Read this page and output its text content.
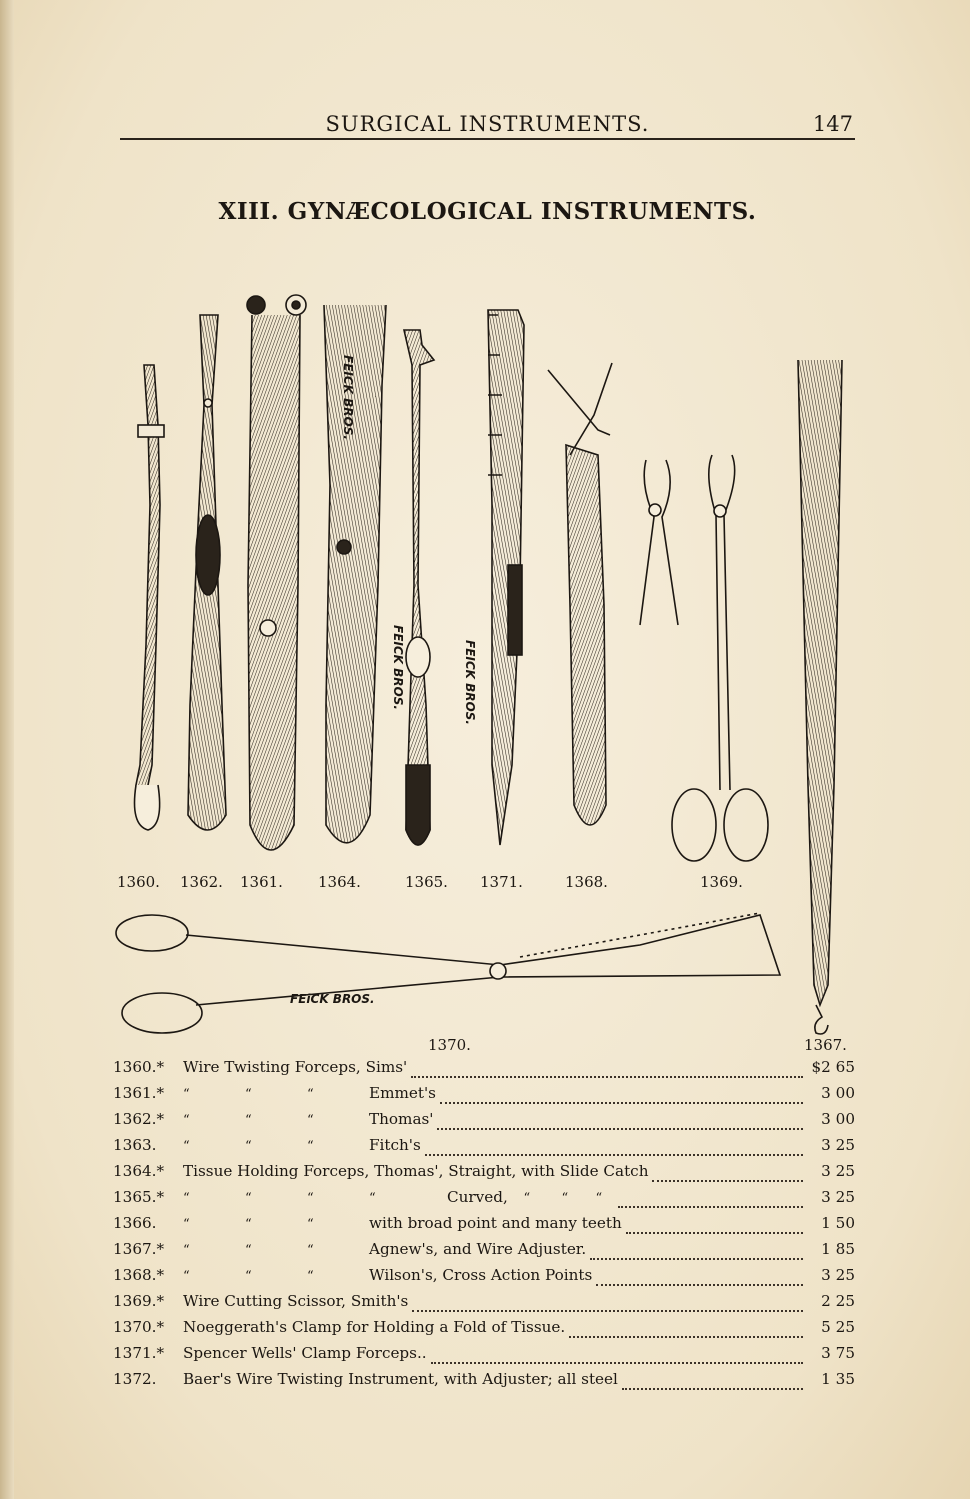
SURGICAL INSTRUMENTS.	147
XIII. GYNÆCOLOGICAL INSTRUMENTS.
FEICK BROS.
FEICK BROS.	FEICK BROS.
FEiCK BROS.
1360. 1362. 1361. 1364.	1365. 1371.	1368.	1369.
1370.	1367.
1360.*	Wire Twisting Forceps, Sims'	$2 65
1361.*	“	“	“	Emmet's	3 00
1362.*	“	“	“	Thomas'	3 00
1363.	“	“	“	Fitch's	3 25
1364.*	Tissue Holding Forceps, Thomas', Straight, with Slide Catch	3 25
1365.*	“	“	“	“	Curved, “ “ “	3 25
1366.	“	“	“	with broad point and many teeth	1 50
1367.*	“	“	“	Agnew's, and Wire Adjuster.	1 85
1368.*	“	“	“	Wilson's, Cross Action Points	3 25
1369.*	Wire Cutting Scissor, Smith's	2 25
1370.*	Noeggerath's Clamp for Holding a Fold of Tissue.	5 25
1371.*	Spencer Wells' Clamp Forceps..	3 75
1372.	Baer's Wire Twisting Instrument, with Adjuster; all steel	1 35
